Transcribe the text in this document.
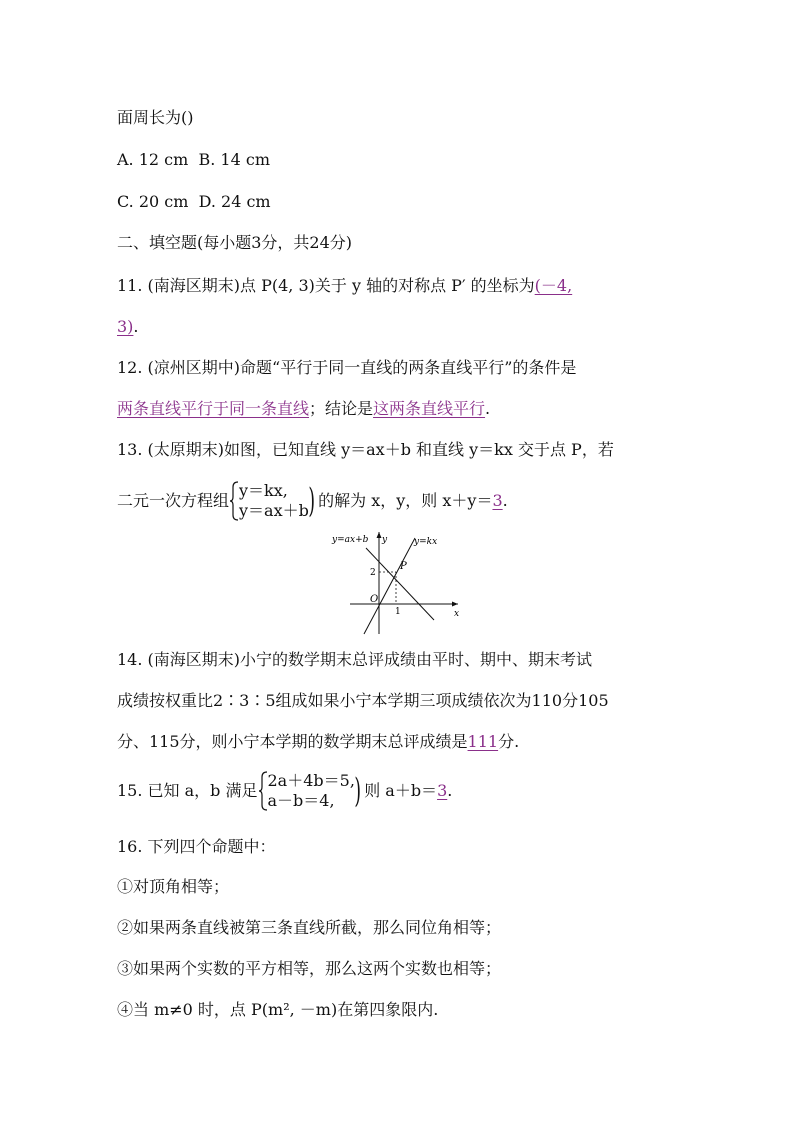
面周长为()
A. 12 cm B. 14 cm
C. 20 cm D. 24 cm
二、填空题(每小题3分，共24分)
11. (南海区期末)点 P(4, 3)关于 y 轴的对称点 P′ 的坐标为(－4,
3).
12. (凉州区期中)命题“平行于同一直线的两条直线平行”的条件是
两条直线平行于同一条直线；结论是这两条直线平行.
13. (太原期末)如图，已知直线 y＝ax＋b 和直线 y＝kx 交于点 P，若
二元一次方程组
y＝kx,
y＝ax＋b ) 的解为 x，y，则 x＋y＝3.
y=ax+b y	y=kx
x
O
P
2
1
14. (南海区期末)小宁的数学期末总评成绩由平时、期中、期末考试
成绩按权重比2∶3∶5组成如果小宁本学期三项成绩依次为110分105
分、115分，则小宁本学期的数学期末总评成绩是111分.
15. 已知 a，b 满足
2a＋4b＝5,
a－b＝4, ) 则 a＋b＝3.
16. 下列四个命题中：
①对顶角相等；
②如果两条直线被第三条直线所截，那么同位角相等；
③如果两个实数的平方相等，那么这两个实数也相等；
④当 m≠0 时，点 P(m², －m)在第四象限内.
